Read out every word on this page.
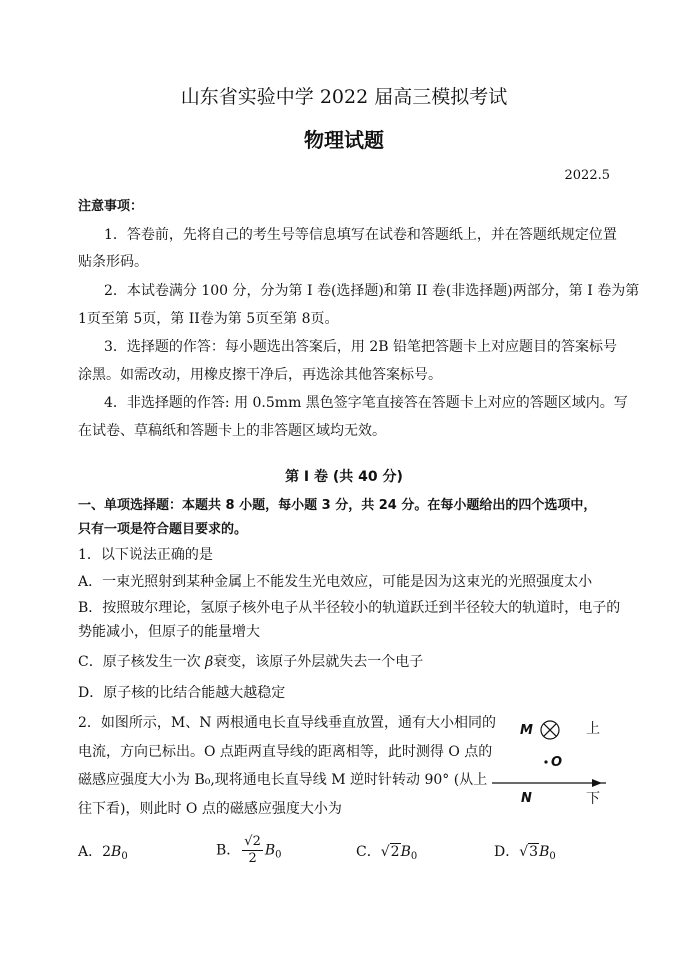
山东省实验中学 2022 届高三模拟考试
物理试题
2022.5
注意事项：
1．答卷前，先将自己的考生号等信息填写在试卷和答题纸上，并在答题纸规定位置
贴条形码。
2．本试卷满分 100 分，分为第 I 卷(选择题)和第 II 卷(非选择题)两部分，第 I 卷为第
1页至第 5页，第 II卷为第 5页至第 8页。
3．选择题的作答：每小题选出答案后，用 2B 铅笔把答题卡上对应题目的答案标号
涂黑。如需改动，用橡皮擦干净后，再选涂其他答案标号。
4．非选择题的作答: 用 0.5mm 黑色签字笔直接答在答题卡上对应的答题区域内。写
在试卷、草稿纸和答题卡上的非答题区域均无效。
第 I 卷 (共 40 分)
一、单项选择题：本题共 8 小题，每小题 3 分，共 24 分。在每小题给出的四个选项中，
只有一项是符合题目要求的。
1．以下说法正确的是
A．一束光照射到某种金属上不能发生光电效应，可能是因为这束光的光照强度太小
B．按照玻尔理论，氢原子核外电子从半径较小的轨道跃迁到半径较大的轨道时，电子的
势能减小，但原子的能量增大
C．原子核发生一次 β衰变，该原子外层就失去一个电子
D．原子核的比结合能越大越稳定
2．如图所示，M、N 两根通电长直导线垂直放置，通有大小相同的
电流，方向已标出。O 点距两直导线的距离相等，此时测得 O 点的
磁感应强度大小为 B₀,现将通电长直导线 M 逆时针转动 90° (从上
往下看)，则此时 O 点的磁感应强度大小为
M
O
N
上
下
A．$2B_0$	B． $\frac{√2}{2} B_0$	C．$√2B_0$	D．$√3B_0$
